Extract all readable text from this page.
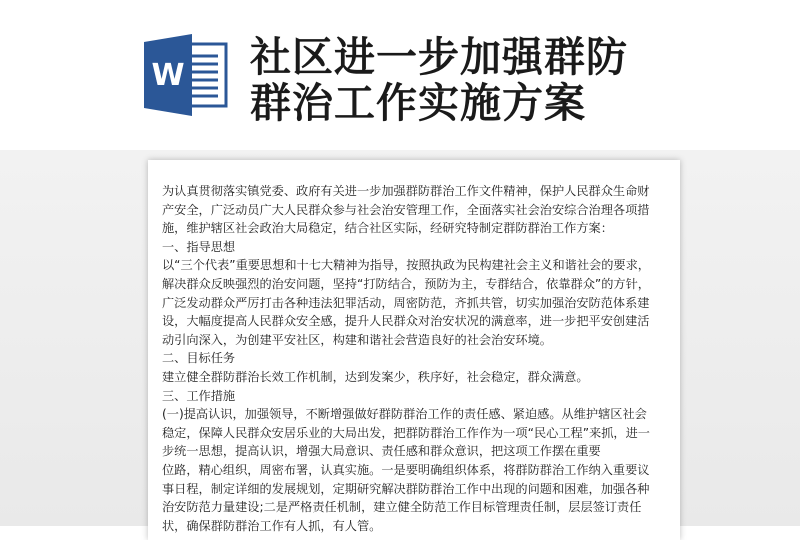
W 社区进一步加强群防
群治工作实施方案
为认真贯彻落实镇党委、政府有关进一步加强群防群治工作文件精神，保护人民群众生命财
产安全，广泛动员广大人民群众参与社会治安管理工作，全面落实社会治安综合治理各项措
施，维护辖区社会政治大局稳定，结合社区实际，经研究特制定群防群治工作方案：
一、指导思想
以“三个代表”重要思想和十七大精神为指导，按照执政为民构建社会主义和谐社会的要求，
解决群众反映强烈的治安问题，坚持“打防结合，预防为主，专群结合，依靠群众”的方针，
广泛发动群众严厉打击各种违法犯罪活动，周密防范，齐抓共管，切实加强治安防范体系建
设，大幅度提高人民群众安全感，提升人民群众对治安状况的满意率，进一步把平安创建活
动引向深入，为创建平安社区，构建和谐社会营造良好的社会治安环境。
二、目标任务
建立健全群防群治长效工作机制，达到发案少，秩序好，社会稳定，群众满意。
三、工作措施
(一)提高认识，加强领导，不断增强做好群防群治工作的责任感、紧迫感。从维护辖区社会
稳定，保障人民群众安居乐业的大局出发，把群防群治工作作为一项“民心工程”来抓，进一
步统一思想，提高认识，增强大局意识、责任感和群众意识，把这项工作摆在重要
位路，精心组织，周密布署，认真实施。一是要明确组织体系，将群防群治工作纳入重要议
事日程，制定详细的发展规划，定期研究解决群防群治工作中出现的问题和困难，加强各种
治安防范力量建设;二是严格责任机制，建立健全防范工作目标管理责任制，层层签订责任
状，确保群防群治工作有人抓，有人管。
